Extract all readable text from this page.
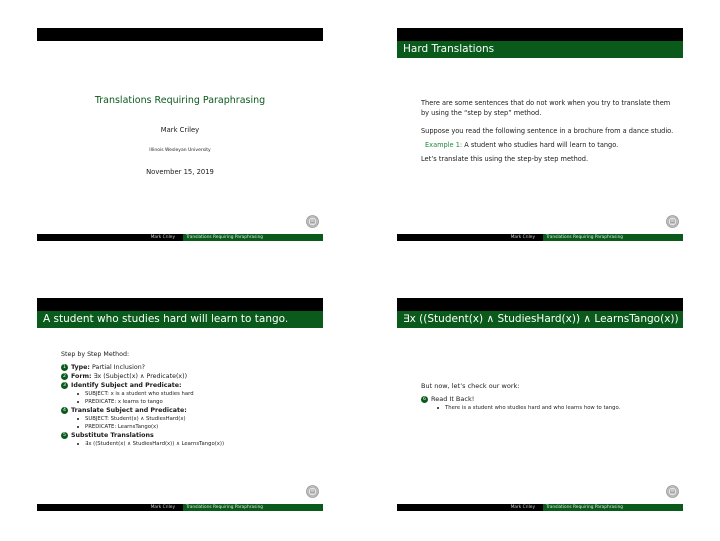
Translations Requiring Paraphrasing
Mark Criley
Illinois Wesleyan University
November 15, 2019
Mark Criley	Translations Requiring Paraphrasing
Hard Translations

There are some sentences that do not work when you try to translate them by using the “step by step” method.

Suppose you read the following sentence in a brochure from a dance studio.

Example 1: A student who studies hard will learn to tango.

Let’s translate this using the step-by step method.

Mark Criley	Translations Requiring Paraphrasing
A student who studies hard will learn to tango.
Step by Step Method:
1 Type: Partial Inclusion?
2 Form: ∃x (Subject(x) ∧ Predicate(x))
3 Identify Subject and Predicate:
SUBJECT: x is a student who studies hard
PREDICATE: x learns to tango
4 Translate Subject and Predicate:
SUBJECT: Student(x) ∧ StudiesHard(x)
PREDICATE: LearnsTango(x)
5 Substitute Translations
∃x ((Student(x) ∧ StudiesHard(x)) ∧ LearnsTango(x))
Mark Criley	Translations Requiring Paraphrasing
∃x ((Student(x) ∧ StudiesHard(x)) ∧ LearnsTango(x))
But now, let’s check our work:
6 Read It Back!
There is a student who studies hard and who learns how to tango.
Mark Criley	Translations Requiring Paraphrasing
